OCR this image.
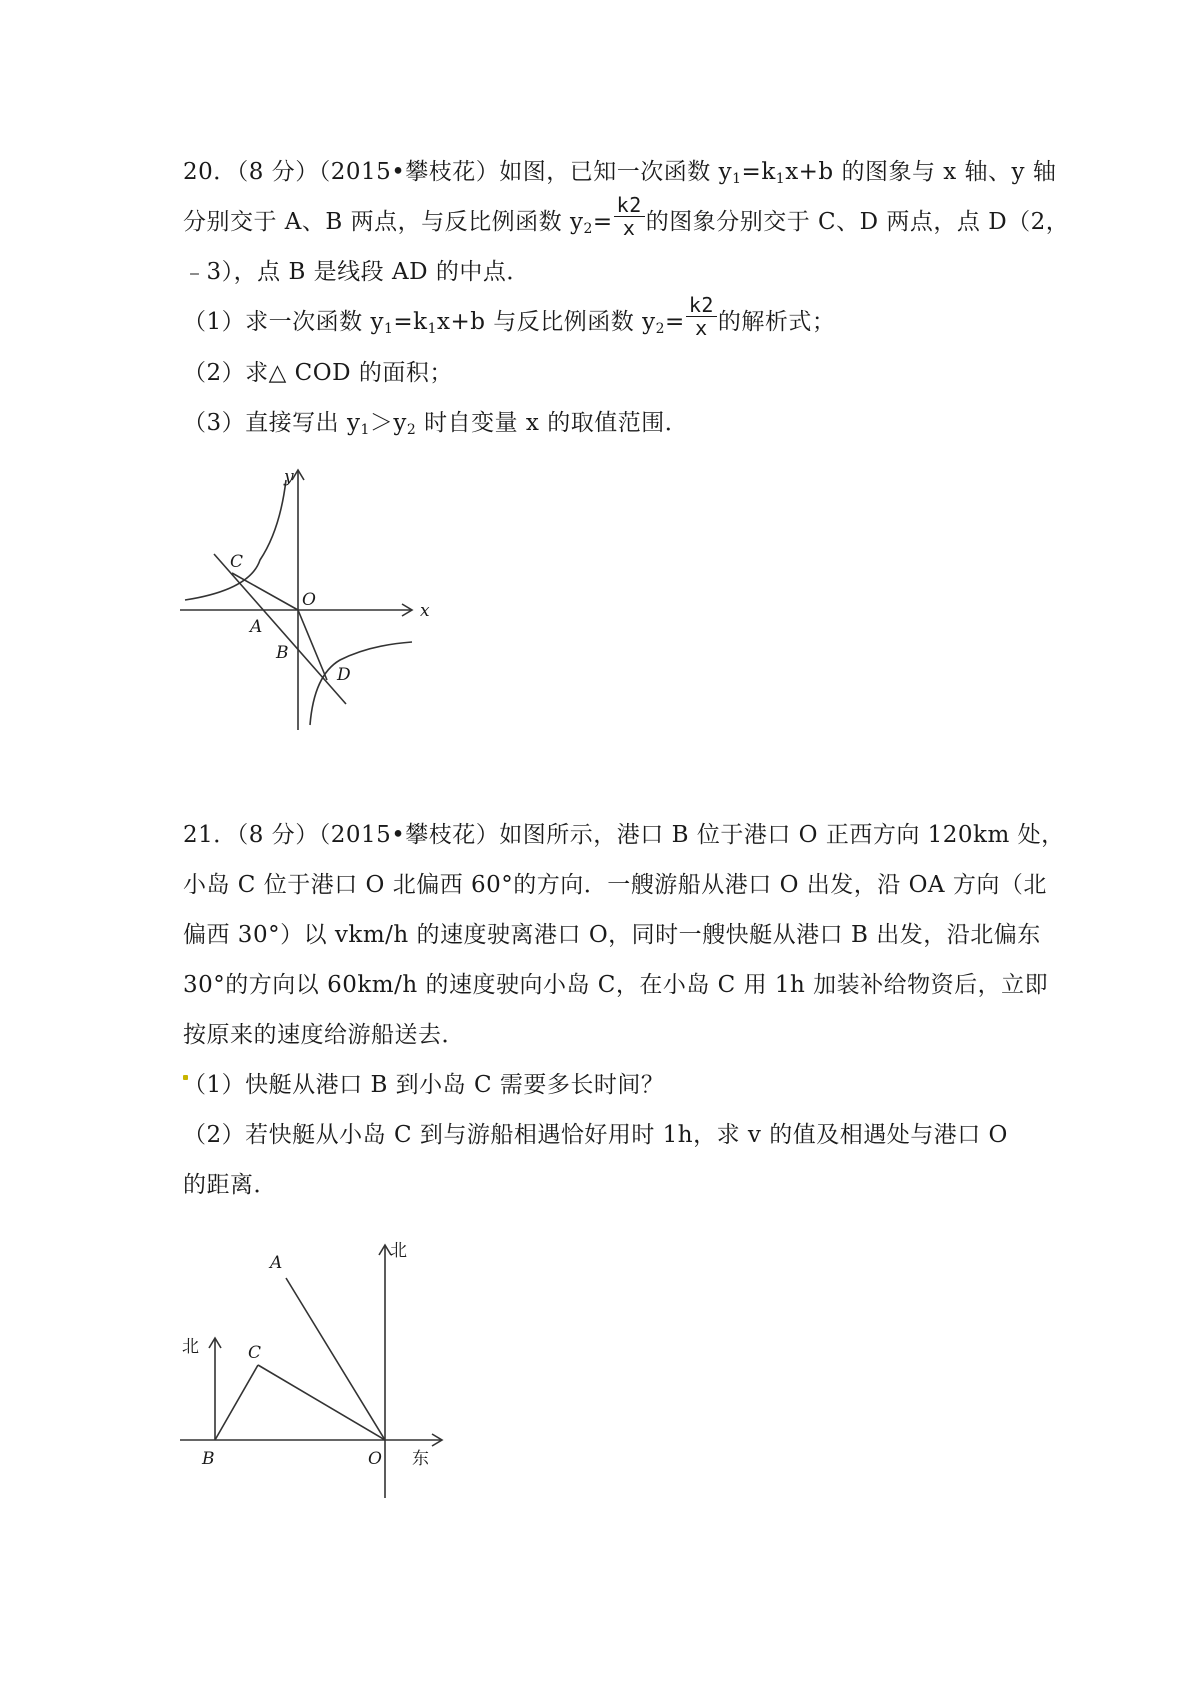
20．（8 分）（2015•攀枝花）如图，已知一次函数 $y_1=k_1x+b$ 的图象与 x 轴、y 轴
分别交于 A、B 两点，与反比例函数 $y_2= \frac{k2}{x}$ 的图象分别交于 C、D 两点，点 D（2，
﹣3），点 B 是线段 AD 的中点．
（1）求一次函数 $y_1=k_1x+b$ 与反比例函数 $y_2= \frac{k2}{x}$ 的解析式；
（2）求△ COD 的面积；
（3）直接写出 $y_1>y_2$ 时自变量 x 的取值范围．
y
x
C
O
A
B
D
21．（8 分）（2015•攀枝花）如图所示，港口 B 位于港口 O 正西方向 120km 处，
小岛 C 位于港口 O 北偏西 60°的方向．一艘游船从港口 O 出发，沿 OA 方向（北
偏西 30°）以 vkm/h 的速度驶离港口 O，同时一艘快艇从港口 B 出发，沿北偏东
30°的方向以 60km/h 的速度驶向小岛 C，在小岛 C 用 1h 加装补给物资后，立即
按原来的速度给游船送去．
（1）快艇从港口 B 到小岛 C 需要多长时间？
（2）若快艇从小岛 C 到与游船相遇恰好用时 1h，求 v 的值及相遇处与港口 O
的距离．
A
C
B	O
北
北
东
